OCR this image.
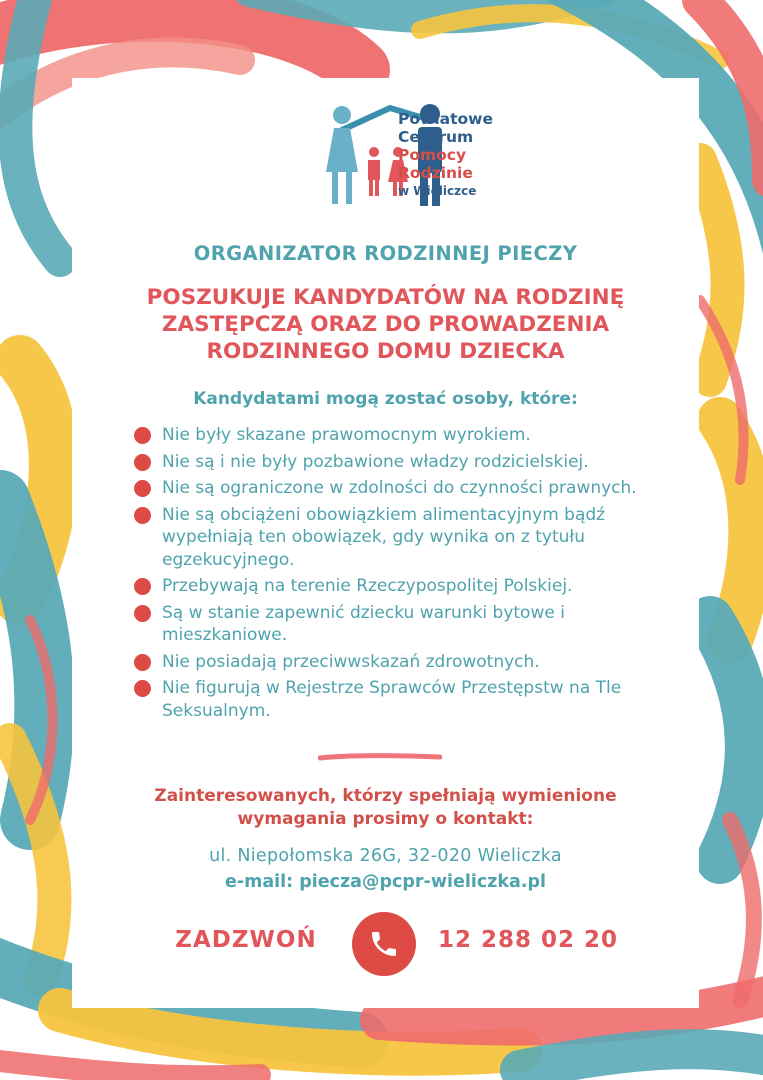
Powiatowe
Centrum
Pomocy
Rodzinie
w Wieliczce
ORGANIZATOR RODZINNEJ PIECZY
POSZUKUJE KANDYDATÓW NA RODZINĘ
ZASTĘPCZĄ ORAZ DO PROWADZENIA
RODZINNEGO DOMU DZIECKA

Kandydatami mogą zostać osoby, które:

Nie były skazane prawomocnym wyrokiem.
Nie są i nie były pozbawione władzy rodzicielskiej.
Nie są ograniczone w zdolności do czynności prawnych.
Nie są obciążeni obowiązkiem alimentacyjnym bądź wypełniają ten obowiązek, gdy wynika on z tytułu egzekucyjnego.
Przebywają na terenie Rzeczypospolitej Polskiej.
Są w stanie zapewnić dziecku warunki bytowe i mieszkaniowe.
Nie posiadają przeciwwskazań zdrowotnych.
Nie figurują w Rejestrze Sprawców Przestępstw na Tle Seksualnym.
Zainteresowanych, którzy spełniają wymienione
wymagania prosimy o kontakt:

ul. Niepołomska 26G, 32-020 Wieliczka

e-mail: piecza@pcpr-wieliczka.pl

ZADZWOŃ	12 288 02 20
